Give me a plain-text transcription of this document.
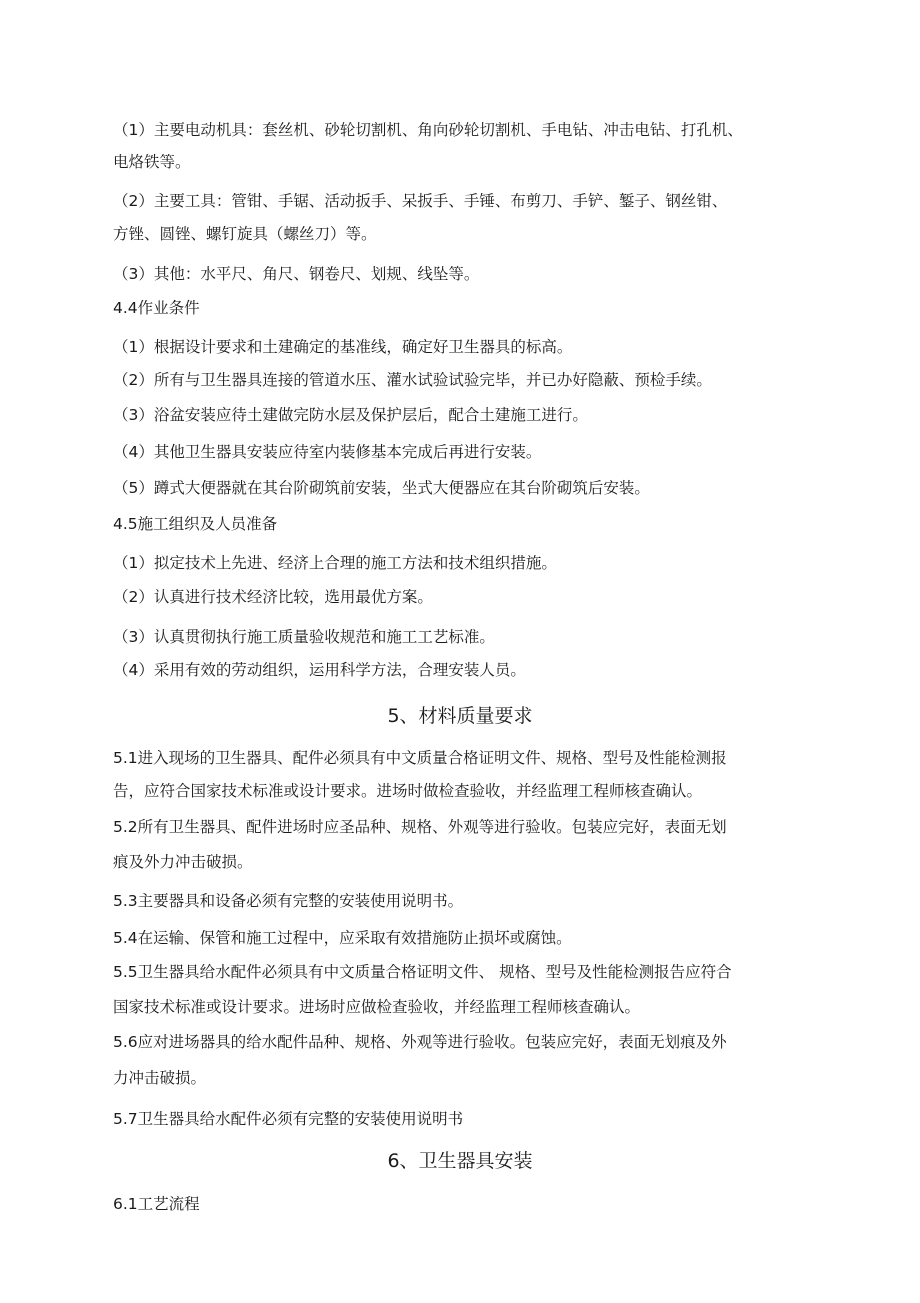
（1）主要电动机具：套丝机、砂轮切割机、角向砂轮切割机、手电钻、冲击电钻、打孔机、
电烙铁等。
（2）主要工具：管钳、手锯、活动扳手、呆扳手、手锤、布剪刀、手铲、錾子、钢丝钳、
方锉、圆锉、螺钉旋具（螺丝刀）等。
（3）其他：水平尺、角尺、钢卷尺、划规、线坠等。
4.4作业条件
（1）根据设计要求和土建确定的基准线，确定好卫生器具的标高。
（2）所有与卫生器具连接的管道水压、灌水试验试验完毕，并已办好隐蔽、预检手续。
（3）浴盆安装应待土建做完防水层及保护层后，配合土建施工进行。
（4）其他卫生器具安装应待室内装修基本完成后再进行安装。
（5）蹲式大便器就在其台阶砌筑前安装，坐式大便器应在其台阶砌筑后安装。
4.5施工组织及人员准备
（1）拟定技术上先进、经济上合理的施工方法和技术组织措施。
（2）认真进行技术经济比较，选用最优方案。
（3）认真贯彻执行施工质量验收规范和施工工艺标准。
（4）采用有效的劳动组织，运用科学方法，合理安装人员。
5、材料质量要求
5.1进入现场的卫生器具、配件必须具有中文质量合格证明文件、规格、型号及性能检测报
告，应符合国家技术标准或设计要求。进场时做检查验收，并经监理工程师核查确认。
5.2所有卫生器具、配件进场时应圣品种、规格、外观等进行验收。包装应完好，表面无划
痕及外力冲击破损。
5.3主要器具和设备必须有完整的安装使用说明书。
5.4在运输、保管和施工过程中，应采取有效措施防止损坏或腐蚀。
5.5卫生器具给水配件必须具有中文质量合格证明文件、 规格、型号及性能检测报告应符合
国家技术标准或设计要求。进场时应做检查验收，并经监理工程师核查确认。
5.6应对进场器具的给水配件品种、规格、外观等进行验收。包装应完好，表面无划痕及外
力冲击破损。
5.7卫生器具给水配件必须有完整的安装使用说明书
6、卫生器具安装
6.1工艺流程
